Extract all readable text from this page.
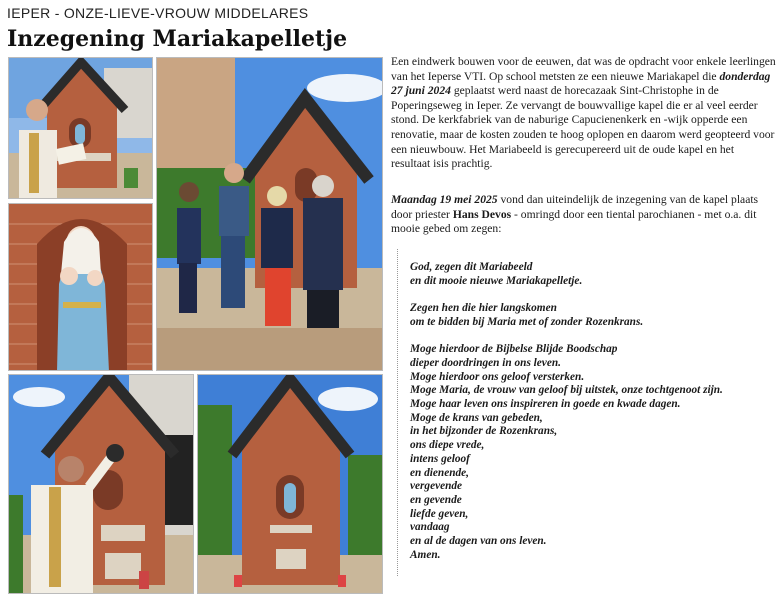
IEPER - ONZE-LIEVE-VROUW MIDDELARES
Inzegening Mariakapelletje
Een eindwerk bouwen voor de eeuwen, dat was de opdracht voor enkele leerlingen van het Ieperse VTI. Op school metsten ze een nieuwe Mariakapel die donderdag 27 juni 2024 geplaatst werd naast de horecazaak Sint-Christophe in de Poperingseweg in Ieper. Ze vervangt de bouwvallige kapel die er al veel eerder stond. De kerkfabriek van de naburige Capucienenkerk en -wijk opperde een renovatie, maar de kosten zouden te hoog oplopen en daarom werd geopteerd voor een nieuwbouw. Het Mariabeeld is gerecupereerd uit de oude kapel en het resultaat isis prachtig.
Maandag 19 mei 2025 vond dan uiteindelijk de inzegening van de kapel plaats door priester Hans Devos - omringd door een tiental parochianen - met o.a. dit mooie gebed om zegen:
God, zegen dit Mariabeeld
en dit mooie nieuwe Mariakapelletje.

Zegen hen die hier langskomen
om te bidden bij Maria met of zonder Rozenkrans.

Moge hierdoor de Bijbelse Blijde Boodschap
dieper doordringen in ons leven.
Moge hierdoor ons geloof versterken.
Moge Maria, de vrouw van geloof bij uitstek, onze tochtgenoot zijn.
Moge haar leven ons inspireren in goede en kwade dagen.
Moge de krans van gebeden,
in het bijzonder de Rozenkrans,
ons diepe vrede,
intens geloof
en dienende,
vergevende
en gevende
liefde geven,
vandaag
en al de dagen van ons leven.
Amen.
